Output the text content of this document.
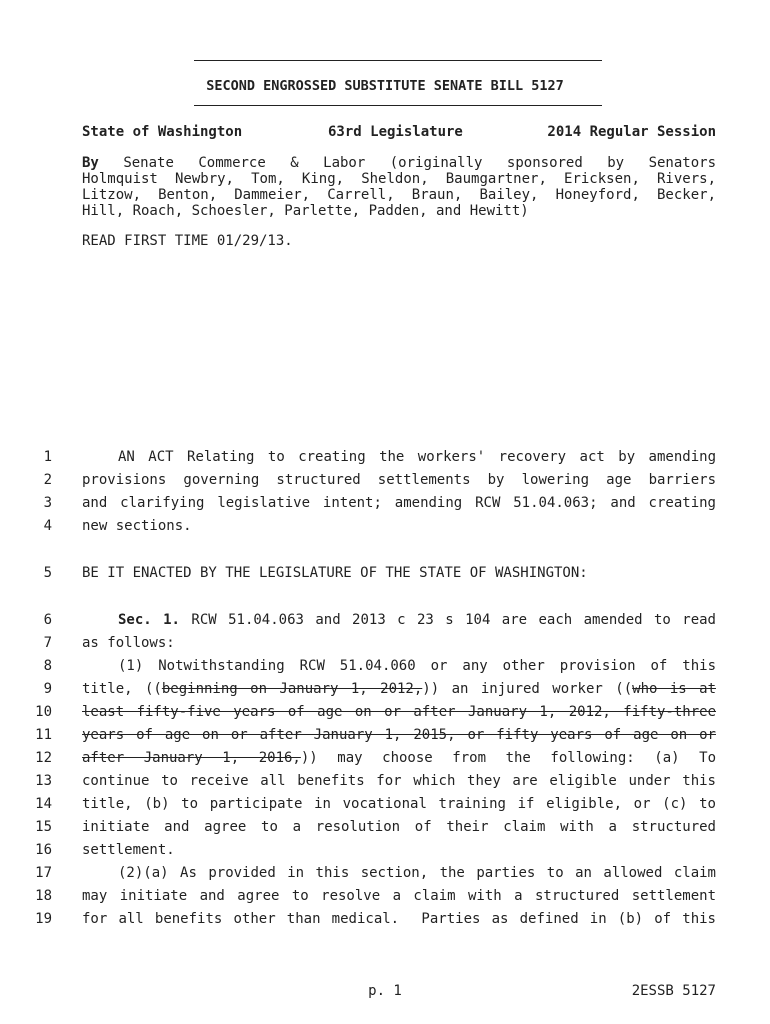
SECOND ENGROSSED SUBSTITUTE SENATE BILL 5127
State of Washington	63rd Legislature	2014 Regular Session
By Senate Commerce & Labor (originally sponsored by Senators
Holmquist Newbry, Tom, King, Sheldon, Baumgartner, Ericksen, Rivers,
Litzow, Benton, Dammeier, Carrell, Braun, Bailey, Honeyford, Becker,
Hill, Roach, Schoesler, Parlette, Padden, and Hewitt)
READ FIRST TIME 01/29/13.
1	AN ACT Relating to creating the workers' recovery act by amending
2 provisions governing structured settlements by lowering age barriers
3 and clarifying legislative intent; amending RCW 51.04.063; and creating
4 new sections.
5 BE IT ENACTED BY THE LEGISLATURE OF THE STATE OF WASHINGTON:
6	Sec. 1. RCW 51.04.063 and 2013 c 23 s 104 are each amended to read
7 as follows:
8	(1) Notwithstanding RCW 51.04.060 or any other provision of this
9 title, ((beginning on January 1, 2012,)) an injured worker ((who is at
10 least fifty-five years of age on or after January 1, 2012, fifty-three
11 years of age on or after January 1, 2015, or fifty years of age on or
12 after January 1, 2016,)) may choose from the following: (a) To
13 continue to receive all benefits for which they are eligible under this
14 title, (b) to participate in vocational training if eligible, or (c) to
15 initiate and agree to a resolution of their claim with a structured
16 settlement.
17	(2)(a) As provided in this section, the parties to an allowed claim
18 may initiate and agree to resolve a claim with a structured settlement
19 for all benefits other than medical.  Parties as defined in (b) of this
p. 1	2ESSB 5127
